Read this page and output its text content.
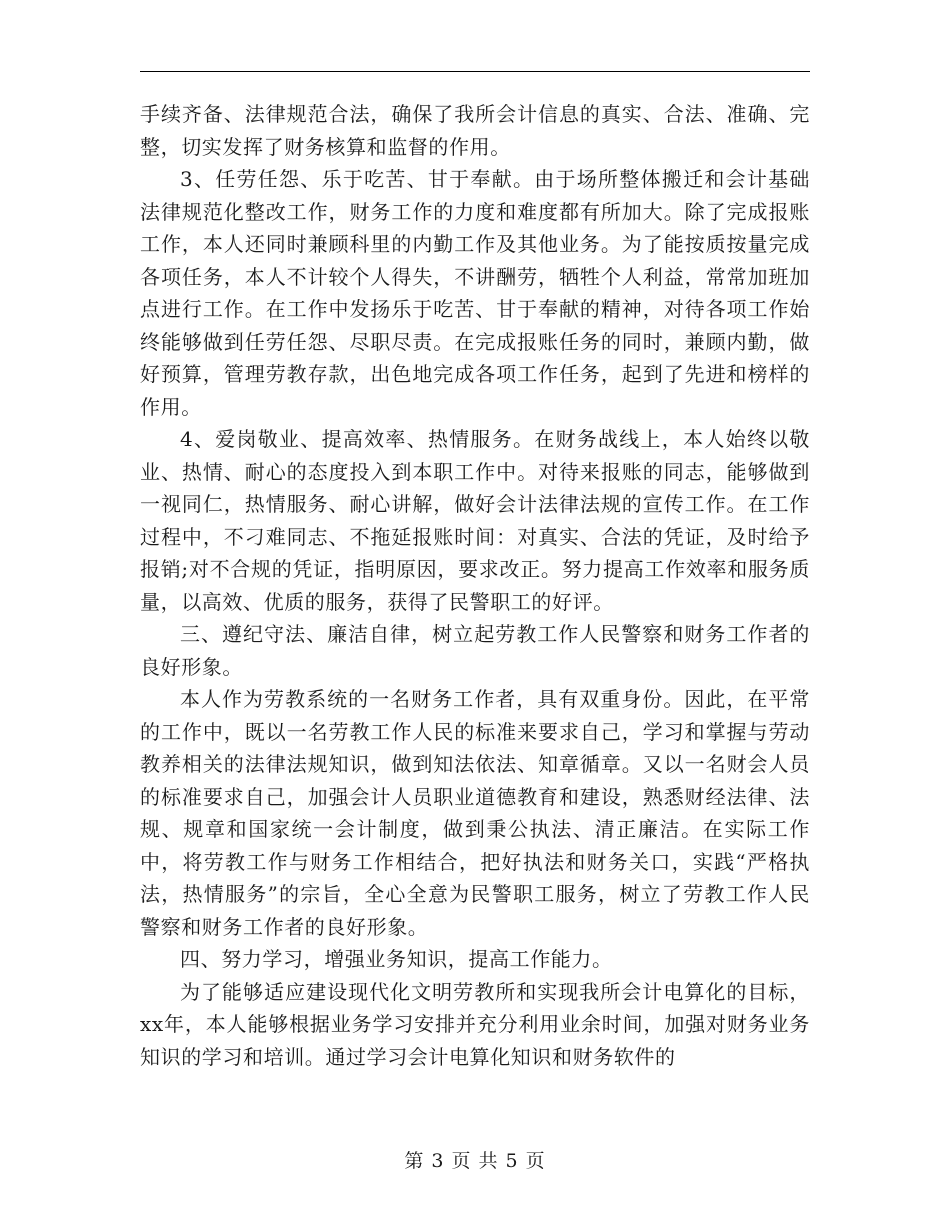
手续齐备、法律规范合法，确保了我所会计信息的真实、合法、准确、完整，切实发挥了财务核算和监督的作用。

3、任劳任怨、乐于吃苦、甘于奉献。由于场所整体搬迁和会计基础法律规范化整改工作，财务工作的力度和难度都有所加大。除了完成报账工作，本人还同时兼顾科里的内勤工作及其他业务。为了能按质按量完成各项任务，本人不计较个人得失，不讲酬劳，牺牲个人利益，常常加班加点进行工作。在工作中发扬乐于吃苦、甘于奉献的精神，对待各项工作始终能够做到任劳任怨、尽职尽责。在完成报账任务的同时，兼顾内勤，做好预算，管理劳教存款，出色地完成各项工作任务，起到了先进和榜样的作用。

4、爱岗敬业、提高效率、热情服务。在财务战线上，本人始终以敬业、热情、耐心的态度投入到本职工作中。对待来报账的同志，能够做到一视同仁，热情服务、耐心讲解，做好会计法律法规的宣传工作。在工作过程中，不刁难同志、不拖延报账时间：对真实、合法的凭证，及时给予报销;对不合规的凭证，指明原因，要求改正。努力提高工作效率和服务质量，以高效、优质的服务，获得了民警职工的好评。

三、遵纪守法、廉洁自律，树立起劳教工作人民警察和财务工作者的良好形象。

本人作为劳教系统的一名财务工作者，具有双重身份。因此，在平常的工作中，既以一名劳教工作人民的标准来要求自己，学习和掌握与劳动教养相关的法律法规知识，做到知法依法、知章循章。又以一名财会人员的标准要求自己，加强会计人员职业道德教育和建设，熟悉财经法律、法规、规章和国家统一会计制度，做到秉公执法、清正廉洁。在实际工作中，将劳教工作与财务工作相结合，把好执法和财务关口，实践“严格执法，热情服务”的宗旨，全心全意为民警职工服务，树立了劳教工作人民警察和财务工作者的良好形象。

四、努力学习，增强业务知识，提高工作能力。

为了能够适应建设现代化文明劳教所和实现我所会计电算化的目标，xx年，本人能够根据业务学习安排并充分利用业余时间，加强对财务业务知识的学习和培训。通过学习会计电算化知识和财务软件的

第 3 页 共 5 页
